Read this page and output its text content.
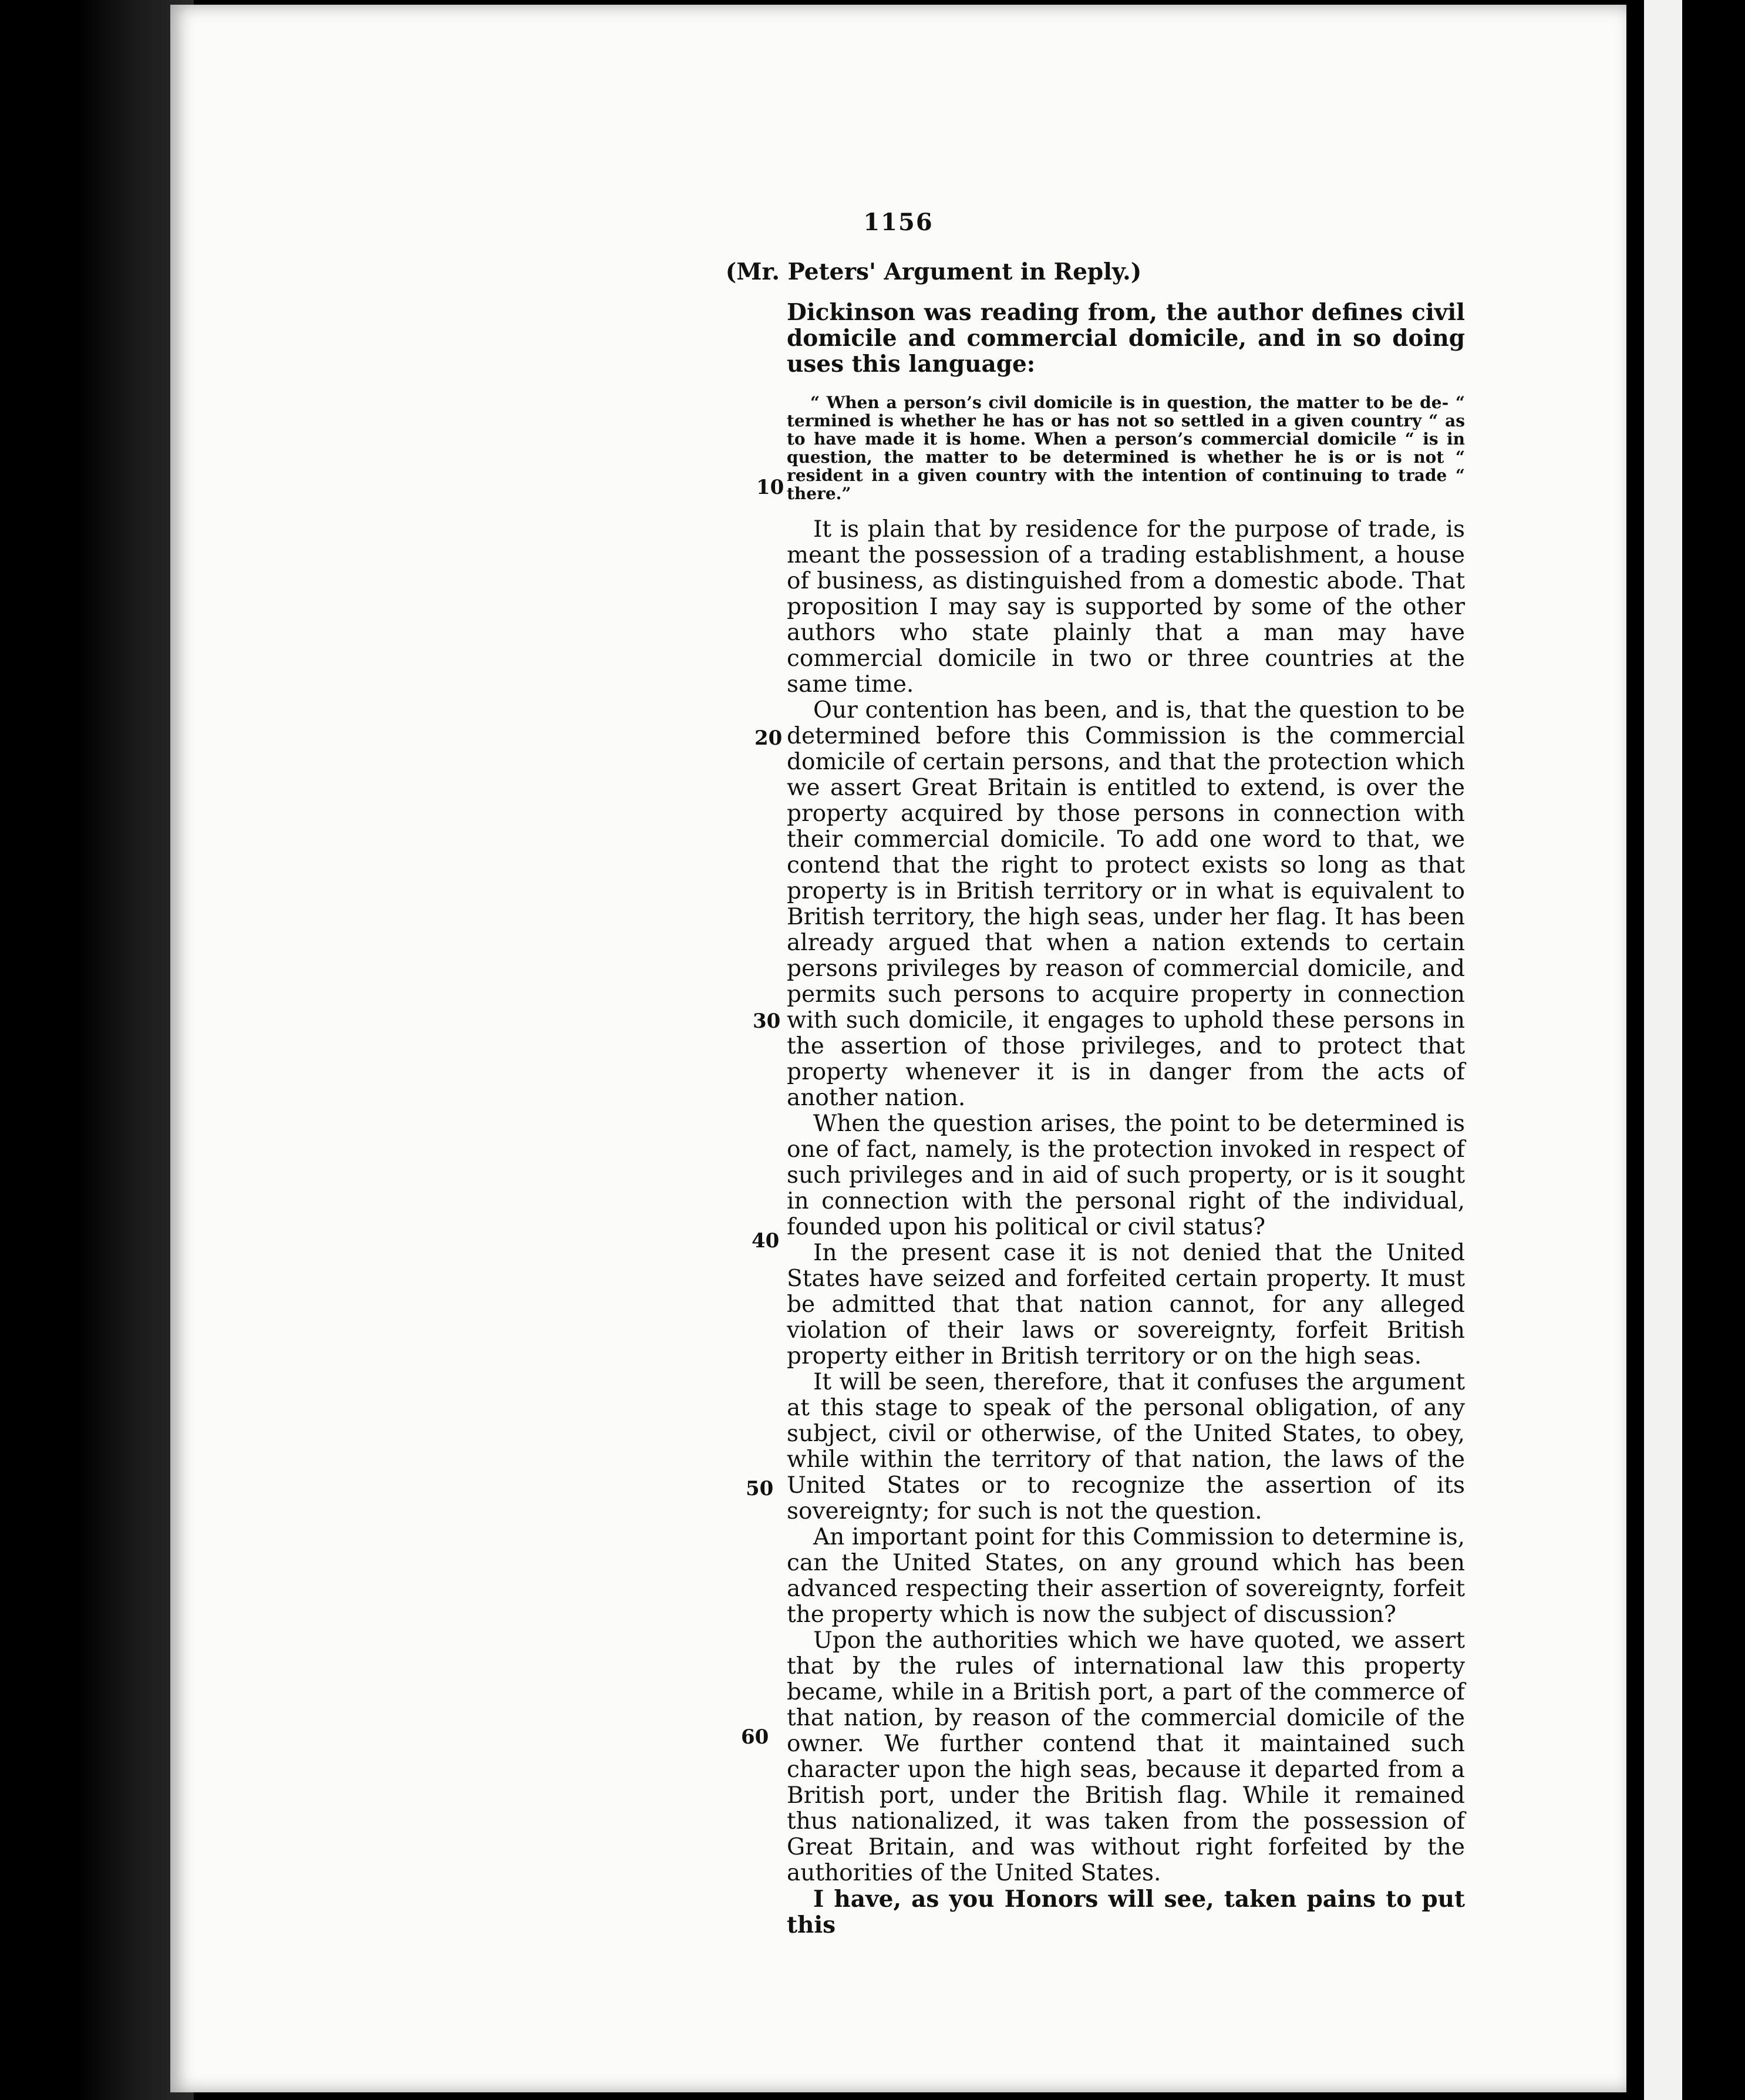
1156
(Mr. Peters' Argument in Reply.)
10
20
30
40
50
60

Dickinson was reading from, the author defines civil domicile and commercial domicile, and in so doing uses this language:

“ When a person’s civil domicile is in question, the matter to be de- “ termined is whether he has or has not so settled in a given country “ as to have made it is home. When a person’s commercial domicile “ is in question, the matter to be determined is whether he is or is not “ resident in a given country with the intention of continuing to trade “ there.”

It is plain that by residence for the purpose of trade, is meant the possession of a trading establishment, a house of business, as distinguished from a domestic abode. That proposition I may say is supported by some of the other authors who state plainly that a man may have commercial domicile in two or three countries at the same time.

Our contention has been, and is, that the question to be determined before this Commission is the commercial domicile of certain persons, and that the protection which we assert Great Britain is entitled to extend, is over the property acquired by those persons in connection with their commercial domicile. To add one word to that, we contend that the right to protect exists so long as that property is in British territory or in what is equivalent to British territory, the high seas, under her flag. It has been already argued that when a nation extends to certain persons privileges by reason of commercial domicile, and permits such persons to acquire property in connection with such domicile, it engages to uphold these persons in the assertion of those privileges, and to protect that property whenever it is in danger from the acts of another nation.

When the question arises, the point to be determined is one of fact, namely, is the protection invoked in respect of such privileges and in aid of such property, or is it sought in connection with the personal right of the individual, founded upon his political or civil status?

In the present case it is not denied that the United States have seized and forfeited certain property. It must be admitted that that nation cannot, for any alleged violation of their laws or sovereignty, forfeit British property either in British territory or on the high seas.

It will be seen, therefore, that it confuses the argument at this stage to speak of the personal obligation, of any subject, civil or otherwise, of the United States, to obey, while within the territory of that nation, the laws of the United States or to recognize the assertion of its sovereignty; for such is not the question.

An important point for this Commission to determine is, can the United States, on any ground which has been advanced respecting their assertion of sovereignty, forfeit the property which is now the subject of discussion?

Upon the authorities which we have quoted, we assert that by the rules of international law this property became, while in a British port, a part of the commerce of that nation, by reason of the commercial domicile of the owner. We further contend that it maintained such character upon the high seas, because it departed from a British port, under the British flag. While it remained thus nationalized, it was taken from the possession of Great Britain, and was without right forfeited by the authorities of the United States.

I have, as you Honors will see, taken pains to put this
